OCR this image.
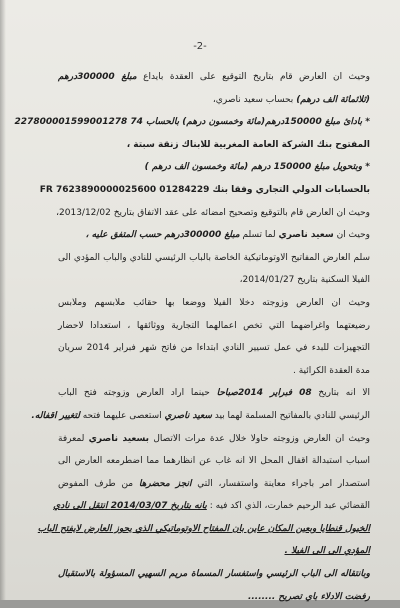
-2-
وحيث ان العارض قام بتاريخ التوقيع على العقدة بايداع مبلغ 300000درهم
(ثلاثمائة الف درهم) بحساب سعيد ناصري،
* بادائ مبلغ 150000درهم(مائة وخمسون درهم) بالحساب 227800001599001278 74
المفتوح بنك الشركة العامة المغربية للابناك زنقة سبتة ،
* وبتحويل مبلغ 150000 درهم (مائة وخمسون الف درهم )
بالحسابات الدولي التجاري وفقا بنك FR 7623890000025600 01284229
وحيث ان العارض قام بالتوقيع وتصحيح امضائه على عقد الاتفاق بتاريخ 2013/12/02،
وحيث ان سعيد ناصري لما تسلم مبلغ 300000درهم حسب المتفق عليه ،
سلم العارض المفاتيح الاوتوماتيكية الخاصة بالباب الرئيسي للنادي والباب المؤدي الى
الفيلا السكنية بتاريخ 2014/01/27،
وحيث ان العارض وزوجته دخلا الفيلا ووضعا بها حقائب ملابسهم وملابس
رضيعتهما واغراضهما التي تخص اعمالهما التجارية ووثائقها ، استعدادا لاحضار
التجهيزات للبدء في عمل تسيير النادي ابتداءا من فاتح شهر فبراير 2014 سريان
مدة العقدة الكرائية .
الا انه بتاريخ 08 فبراير 2014صباحا حينما اراد العارض وزوجته فتح الباب
الرئيسي للنادي بالمفاتيح المسلمة لهما بيد سعيد ناصري استعصى عليهما فتحه لتغيير اقفاله.
وحيث ان العارض وزوجته حاولا خلال عدة مرات الاتصال بسعيد ناصري لمعرفة
اسباب استبدالة اقفال المحل الا انه غاب عن انظارهما مما اضطرمعه العارض الى
استصدار امر باجراء معاينة واستفسار، التي انجز محضرها من طرف المفوض
القضائي عبد الرحيم خمارت، الذي اكد فيه : بانه بتاريخ 2014/03/07 انتقل الى نادي
الخيول قنطايا وبعين المكان عاين بان المفتاح الاوتوماتيكي الذي يحوز العارض لايفتح الباب
المؤدي الى الى الفيلا .
وبانتقاله الى الباب الرئيسي واستفسار المسماة مريم السهيي المسؤولة بالاستقبال
رفضت الادلاء باي تصريح ........
